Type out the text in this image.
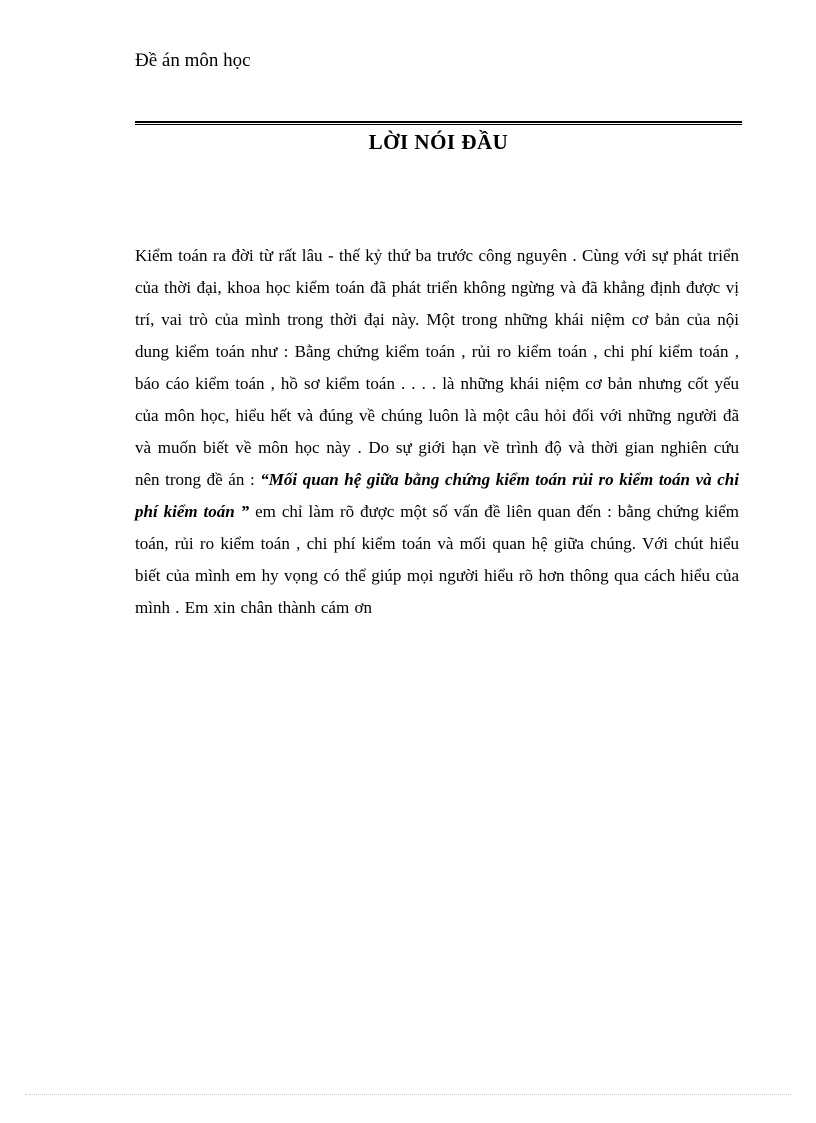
Đề án môn học
LỜI NÓI ĐẦU
Kiểm toán ra đời từ rất lâu - thế kỷ thứ ba trước công nguyên . Cùng với sự phát triển của thời đại, khoa học kiểm toán đã phát triển không ngừng và đã khẳng định được vị trí, vai trò của mình trong thời đại này. Một trong những khái niệm cơ bản của nội dung kiểm toán như : Bằng chứng kiểm toán , rủi ro kiểm toán , chi phí kiểm toán , báo cáo kiểm toán , hồ sơ kiểm toán . . . . là những khái niệm cơ bản nhưng cốt yếu của môn học, hiểu hết và đúng về chúng luôn là một câu hỏi đối với những người đã và muốn biết về môn học này . Do sự giới hạn về trình độ và thời gian nghiên cứu nên trong đề án : “Mối quan hệ giữa bằng chứng kiểm toán rủi ro kiểm toán và chi phí kiểm toán ” em chỉ làm rõ được một số vấn đề liên quan đến : bằng chứng kiểm toán, rủi ro kiểm toán , chi phí kiểm toán và mối quan hệ giữa chúng. Với chút hiểu biết của mình em hy vọng có thể giúp mọi người hiểu rõ hơn thông qua cách hiểu của mình . Em xin chân thành cám ơn
